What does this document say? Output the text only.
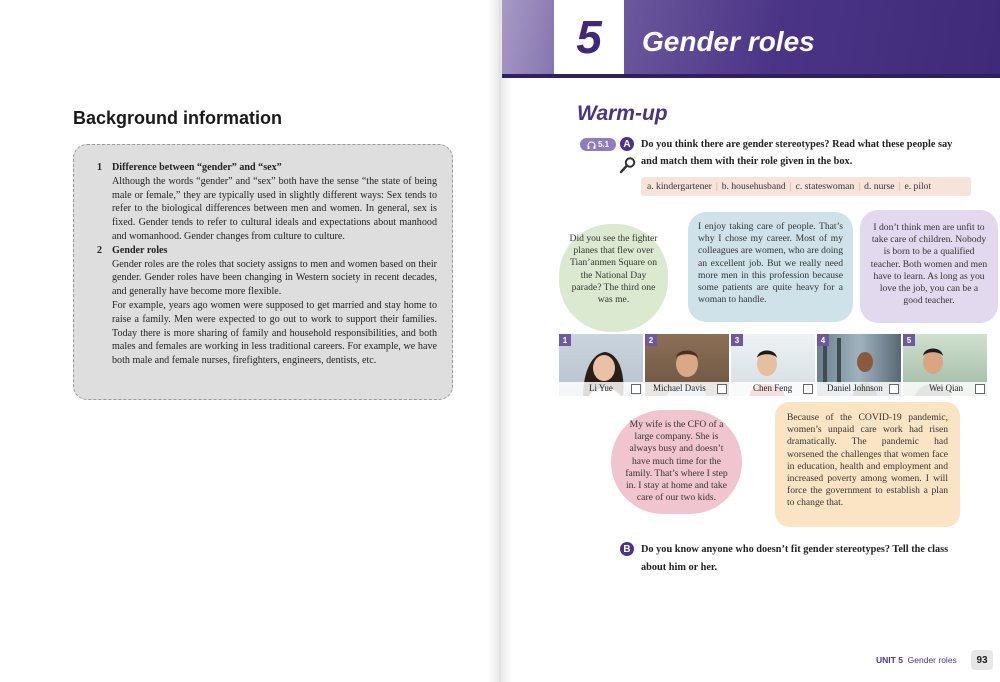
Background information
1 Difference between “gender” and “sex”
Although the words “gender” and “sex” both have the sense “the state of being male or female,” they are typically used in slightly different ways: Sex tends to refer to the biological differences between men and women. In general, sex is fixed. Gender tends to refer to cultural ideals and expectations about manhood and womanhood. Gender changes from culture to culture.
2 Gender roles
Gender roles are the roles that society assigns to men and women based on their gender. Gender roles have been changing in Western society in recent decades, and generally have become more flexible.
For example, years ago women were supposed to get married and stay home to raise a family. Men were expected to go out to work to support their families. Today there is more sharing of family and household responsibilities, and both males and females are working in less traditional careers. For example, we have both male and female nurses, firefighters, engineers, dentists, etc.
5 Gender roles
Warm-up
5.1	A	Do you think there are gender stereotypes? Read what these people say
and match them with their role given in the box.
a. kindergartener | b. househusband | c. stateswoman | d. nurse | e. pilot
Did you see the fighter planes that flew over Tian’anmen Square on the National Day parade? The third one was me.
I enjoy taking care of people. That’s why I chose my career. Most of my colleagues are women, who are doing an excellent job. But we really need more men in this profession because some patients are quite heavy for a woman to handle.
I don’t think men are unfit to take care of children. Nobody is born to be a qualified teacher. Both women and men have to learn. As long as you love the job, you can be a good teacher.
1
Li Yue
2
Michael Davis
3
Chen Feng
4
Daniel Johnson
5
Wei Qian
My wife is the CFO of a large company. She is always busy and doesn’t have much time for the family. That’s where I step in. I stay at home and take care of our two kids.
Because of the COVID-19 pandemic, women’s unpaid care work had risen dramatically. The pandemic had worsened the challenges that women face in education, health and employment and increased poverty among women. I will force the government to establish a plan to change that.
B	Do you know anyone who doesn’t fit gender stereotypes? Tell the class
about him or her.
UNIT 5 Gender roles	93
